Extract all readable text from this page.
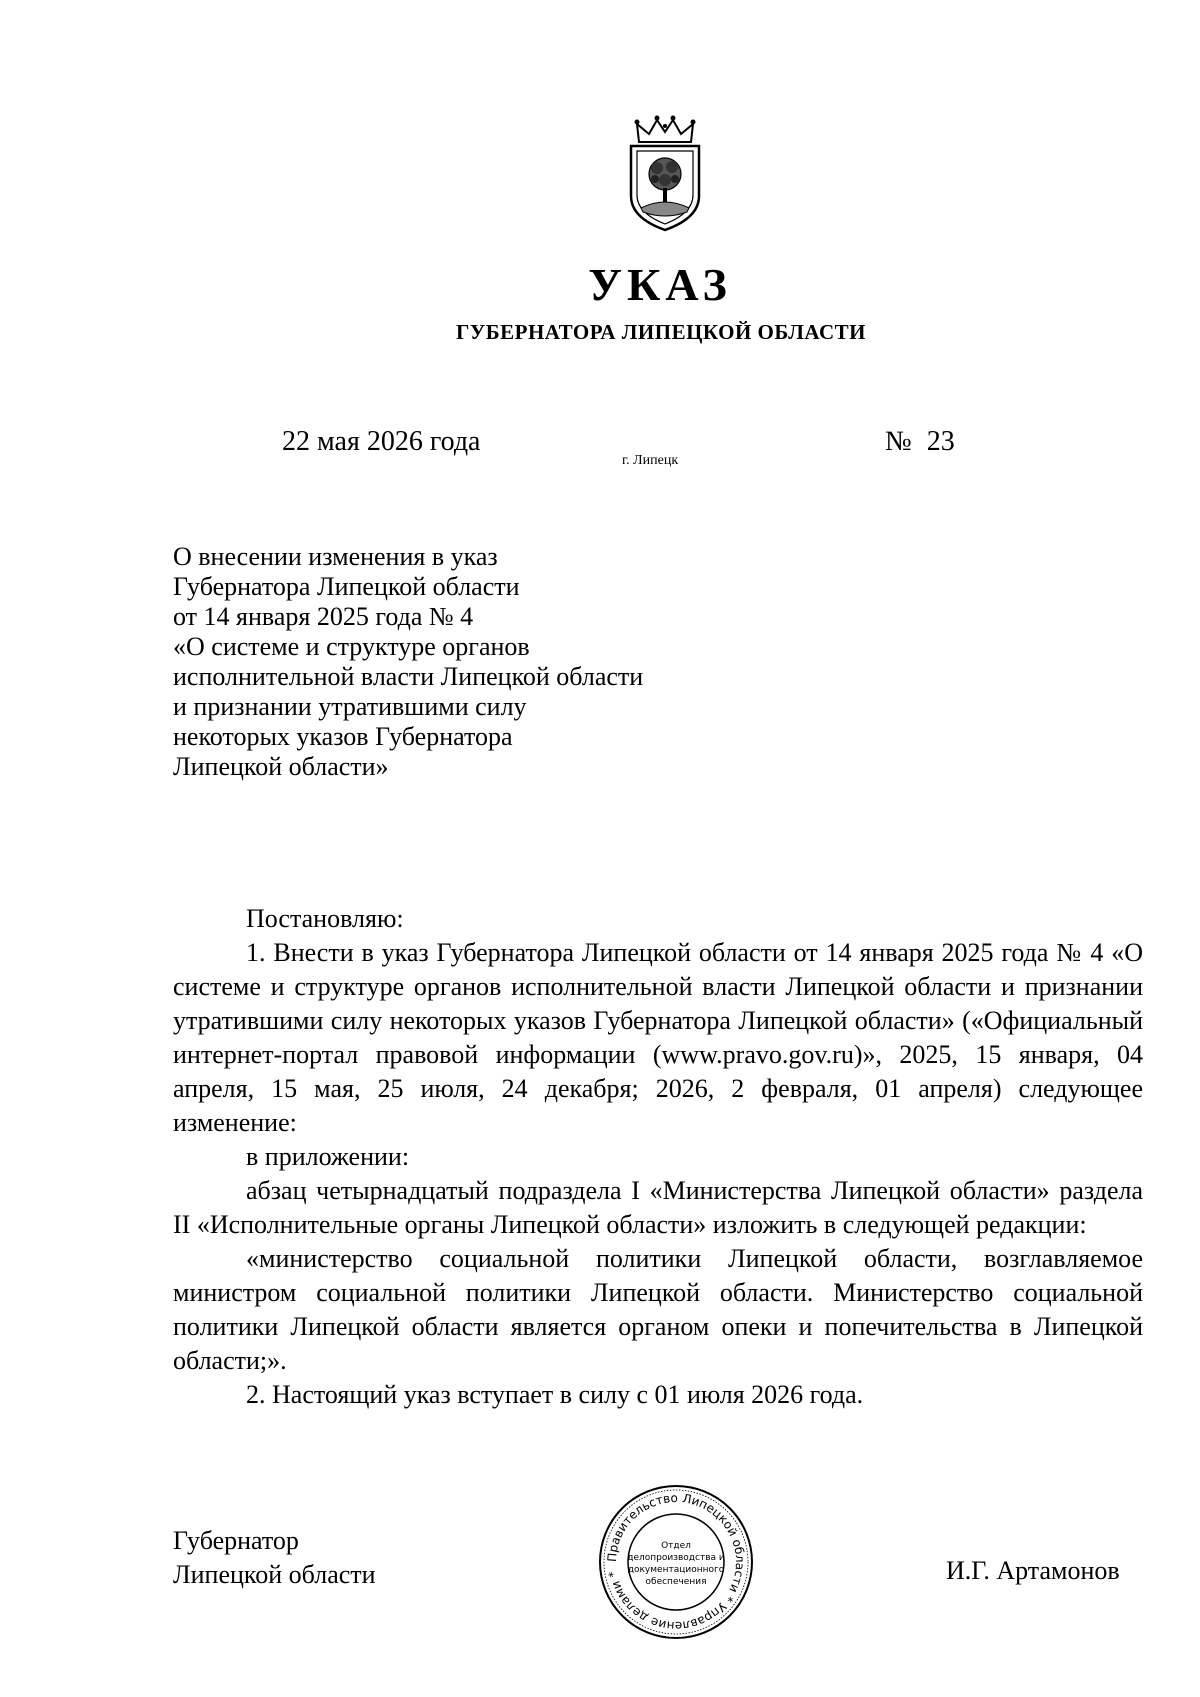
УКАЗ
ГУБЕРНАТОРА ЛИПЕЦКОЙ ОБЛАСТИ
22 мая 2026 года
г. Липецк
№ 23
О внесении изменения в указ
Губернатора Липецкой области
от 14 января 2025 года № 4
«О системе и структуре органов
исполнительной власти Липецкой области
и признании утратившими силу
некоторых указов Губернатора
Липецкой области»

Постановляю:

1. Внести в указ Губернатора Липецкой области от 14 января 2025 года № 4 «О системе и структуре органов исполнительной власти Липецкой области и признании утратившими силу некоторых указов Губернатора Липецкой области» («Официальный интернет-портал правовой информации (www.pravo.gov.ru)», 2025, 15 января, 04 апреля, 15 мая, 25 июля, 24 декабря; 2026, 2 февраля, 01 апреля) следующее изменение:

в приложении:

абзац четырнадцатый подраздела I «Министерства Липецкой области» раздела II «Исполнительные органы Липецкой области» изложить в следующей редакции:

«министерство социальной политики Липецкой области, возглавляемое министром социальной политики Липецкой области. Министерство социальной политики Липецкой области является органом опеки и попечительства в Липецкой области;».

2. Настоящий указ вступает в силу с 01 июля 2026 года.

Губернатор
Липецкой области	И.Г. Артамонов
Правительство Липецкой области * Управление делами *
Отдел
делопроизводства и
документационного
обеспечения
